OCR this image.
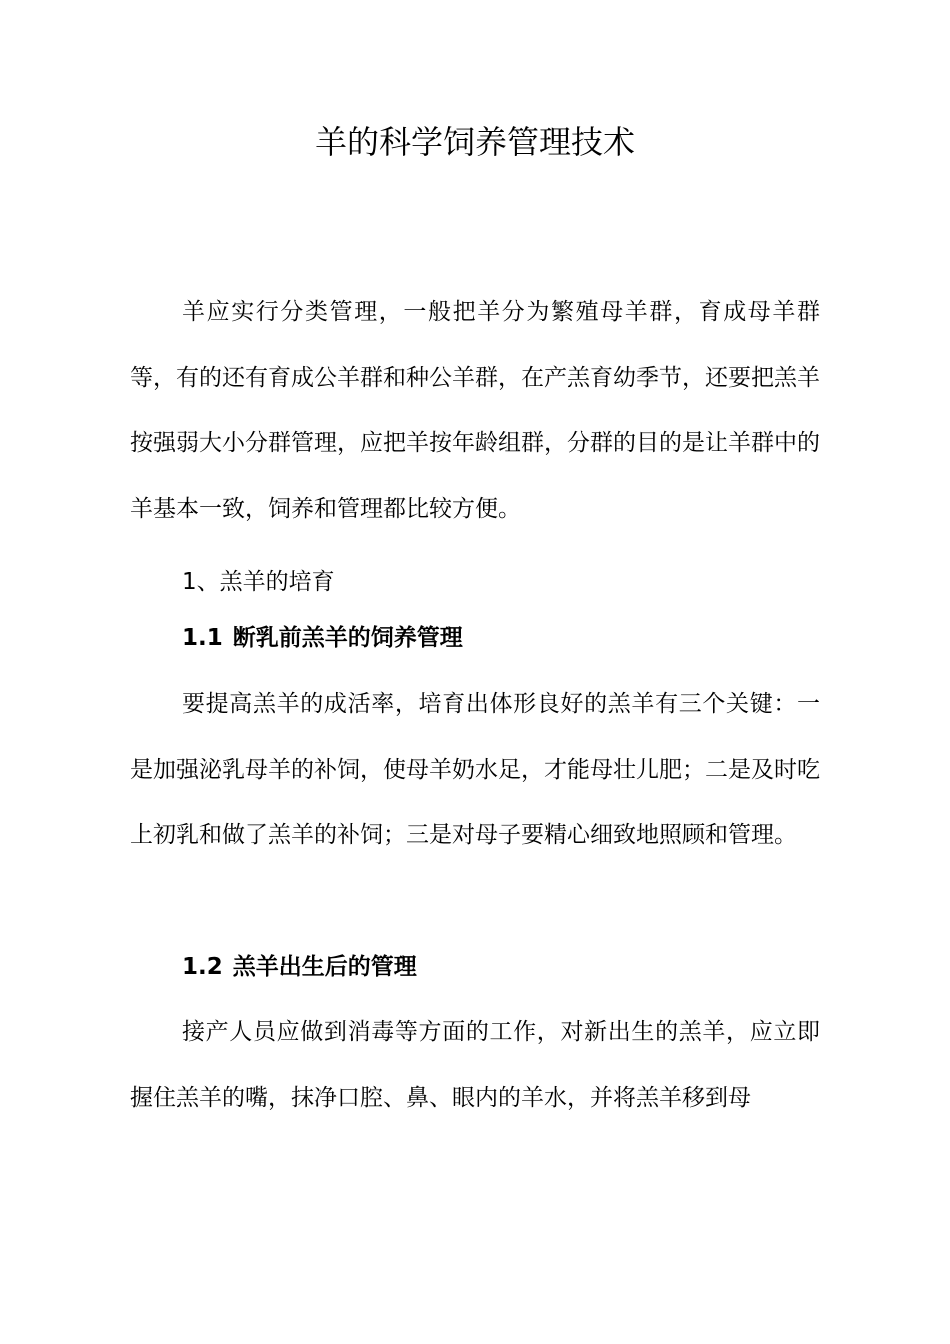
羊的科学饲养管理技术

羊应实行分类管理，一般把羊分为繁殖母羊群，育成母羊群等，有的还有育成公羊群和种公羊群，在产羔育幼季节，还要把羔羊按强弱大小分群管理，应把羊按年龄组群，分群的目的是让羊群中的羊基本一致，饲养和管理都比较方便。

1、羔羊的培育

1.1 断乳前羔羊的饲养管理

要提高羔羊的成活率，培育出体形良好的羔羊有三个关键：一是加强泌乳母羊的补饲，使母羊奶水足，才能母壮儿肥；二是及时吃上初乳和做了羔羊的补饲；三是对母子要精心细致地照顾和管理。

1.2 羔羊出生后的管理

接产人员应做到消毒等方面的工作，对新出生的羔羊，应立即握住羔羊的嘴，抹净口腔、鼻、眼内的羊水，并将羔羊移到母
